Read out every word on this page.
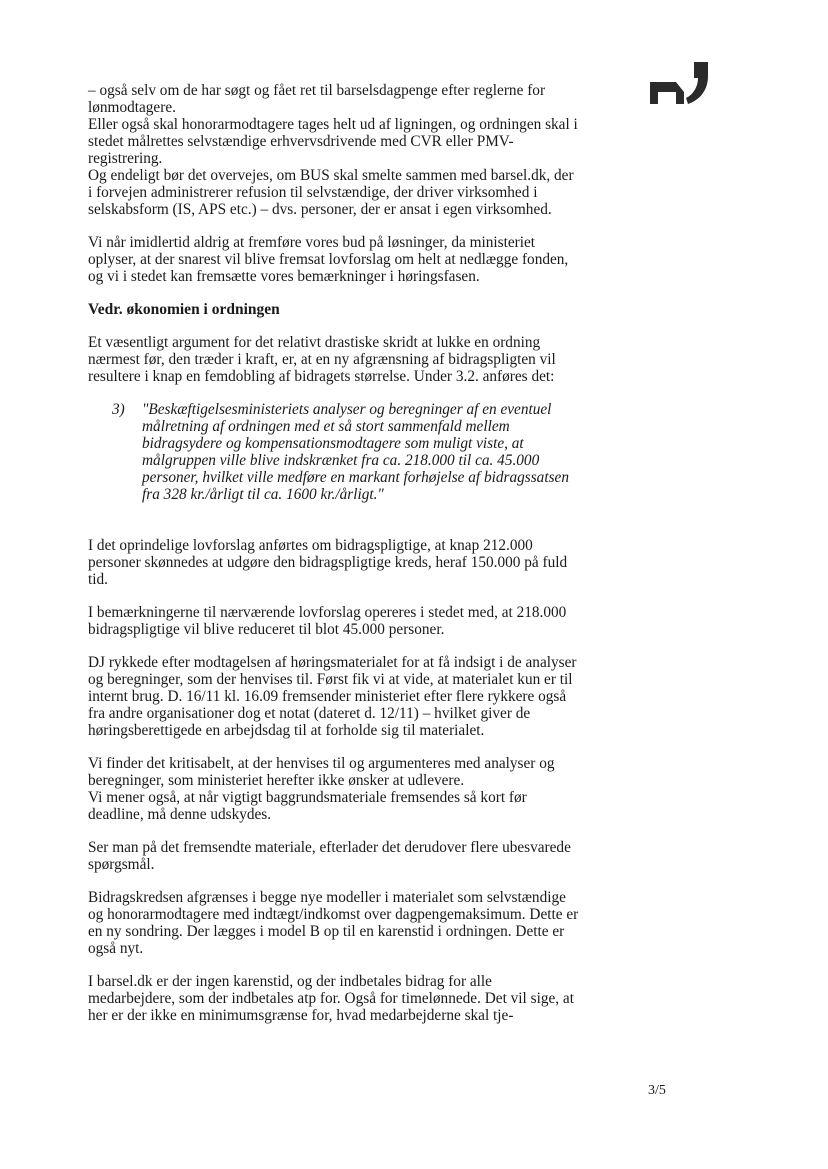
– også selv om de har søgt og fået ret til barselsdagpenge efter reglerne for lønmodtagere.

Eller også skal honorarmodtagere tages helt ud af ligningen, og ordningen skal i stedet målrettes selvstændige erhvervsdrivende med CVR eller PMV-registrering.

Og endeligt bør det overvejes, om BUS skal smelte sammen med barsel.dk, der i forvejen administrerer refusion til selvstændige, der driver virksomhed i selskabsform (IS, APS etc.) – dvs. personer, der er ansat i egen virksomhed.

Vi når imidlertid aldrig at fremføre vores bud på løsninger, da ministeriet oplyser, at der snarest vil blive fremsat lovforslag om helt at nedlægge fonden, og vi i stedet kan fremsætte vores bemærkninger i høringsfasen.

Vedr. økonomien i ordningen

Et væsentligt argument for det relativt drastiske skridt at lukke en ordning nærmest før, den træder i kraft, er, at en ny afgrænsning af bidragspligten vil resultere i knap en femdobling af bidragets størrelse. Under 3.2. anføres det:

3)	"Beskæftigelsesministeriets analyser og beregninger af en eventuel målretning af ordningen med et så stort sammenfald mellem bidragsydere og kompensationsmodtagere som muligt viste, at målgruppen ville blive indskrænket fra ca. 218.000 til ca. 45.000 personer, hvilket ville medføre en markant forhøjelse af bidragssatsen fra 328 kr./årligt til ca. 1600 kr./årligt."

I det oprindelige lovforslag anførtes om bidragspligtige, at knap 212.000 personer skønnedes at udgøre den bidragspligtige kreds, heraf 150.000 på fuld tid.

I bemærkningerne til nærværende lovforslag opereres i stedet med, at 218.000 bidragspligtige vil blive reduceret til blot 45.000 personer.

DJ rykkede efter modtagelsen af høringsmaterialet for at få indsigt i de analyser og beregninger, som der henvises til. Først fik vi at vide, at materialet kun er til internt brug. D. 16/11 kl. 16.09 fremsender ministeriet efter flere rykkere også fra andre organisationer dog et notat (dateret d. 12/11) – hvilket giver de høringsberettigede en arbejdsdag til at forholde sig til materialet.

Vi finder det kritisabelt, at der henvises til og argumenteres med analyser og beregninger, som ministeriet herefter ikke ønsker at udlevere.

Vi mener også, at når vigtigt baggrundsmateriale fremsendes så kort før deadline, må denne udskydes.

Ser man på det fremsendte materiale, efterlader det derudover flere ubesvarede spørgsmål.

Bidragskredsen afgrænses i begge nye modeller i materialet som selvstændige og honorarmodtagere med indtægt/indkomst over dagpengemaksimum. Dette er en ny sondring. Der lægges i model B op til en karenstid i ordningen. Dette er også nyt.

I barsel.dk er der ingen karenstid, og der indbetales bidrag for alle medarbejdere, som der indbetales atp for. Også for timelønnede. Det vil sige, at her er der ikke en minimumsgrænse for, hvad medarbejderne skal tje-

3/5
